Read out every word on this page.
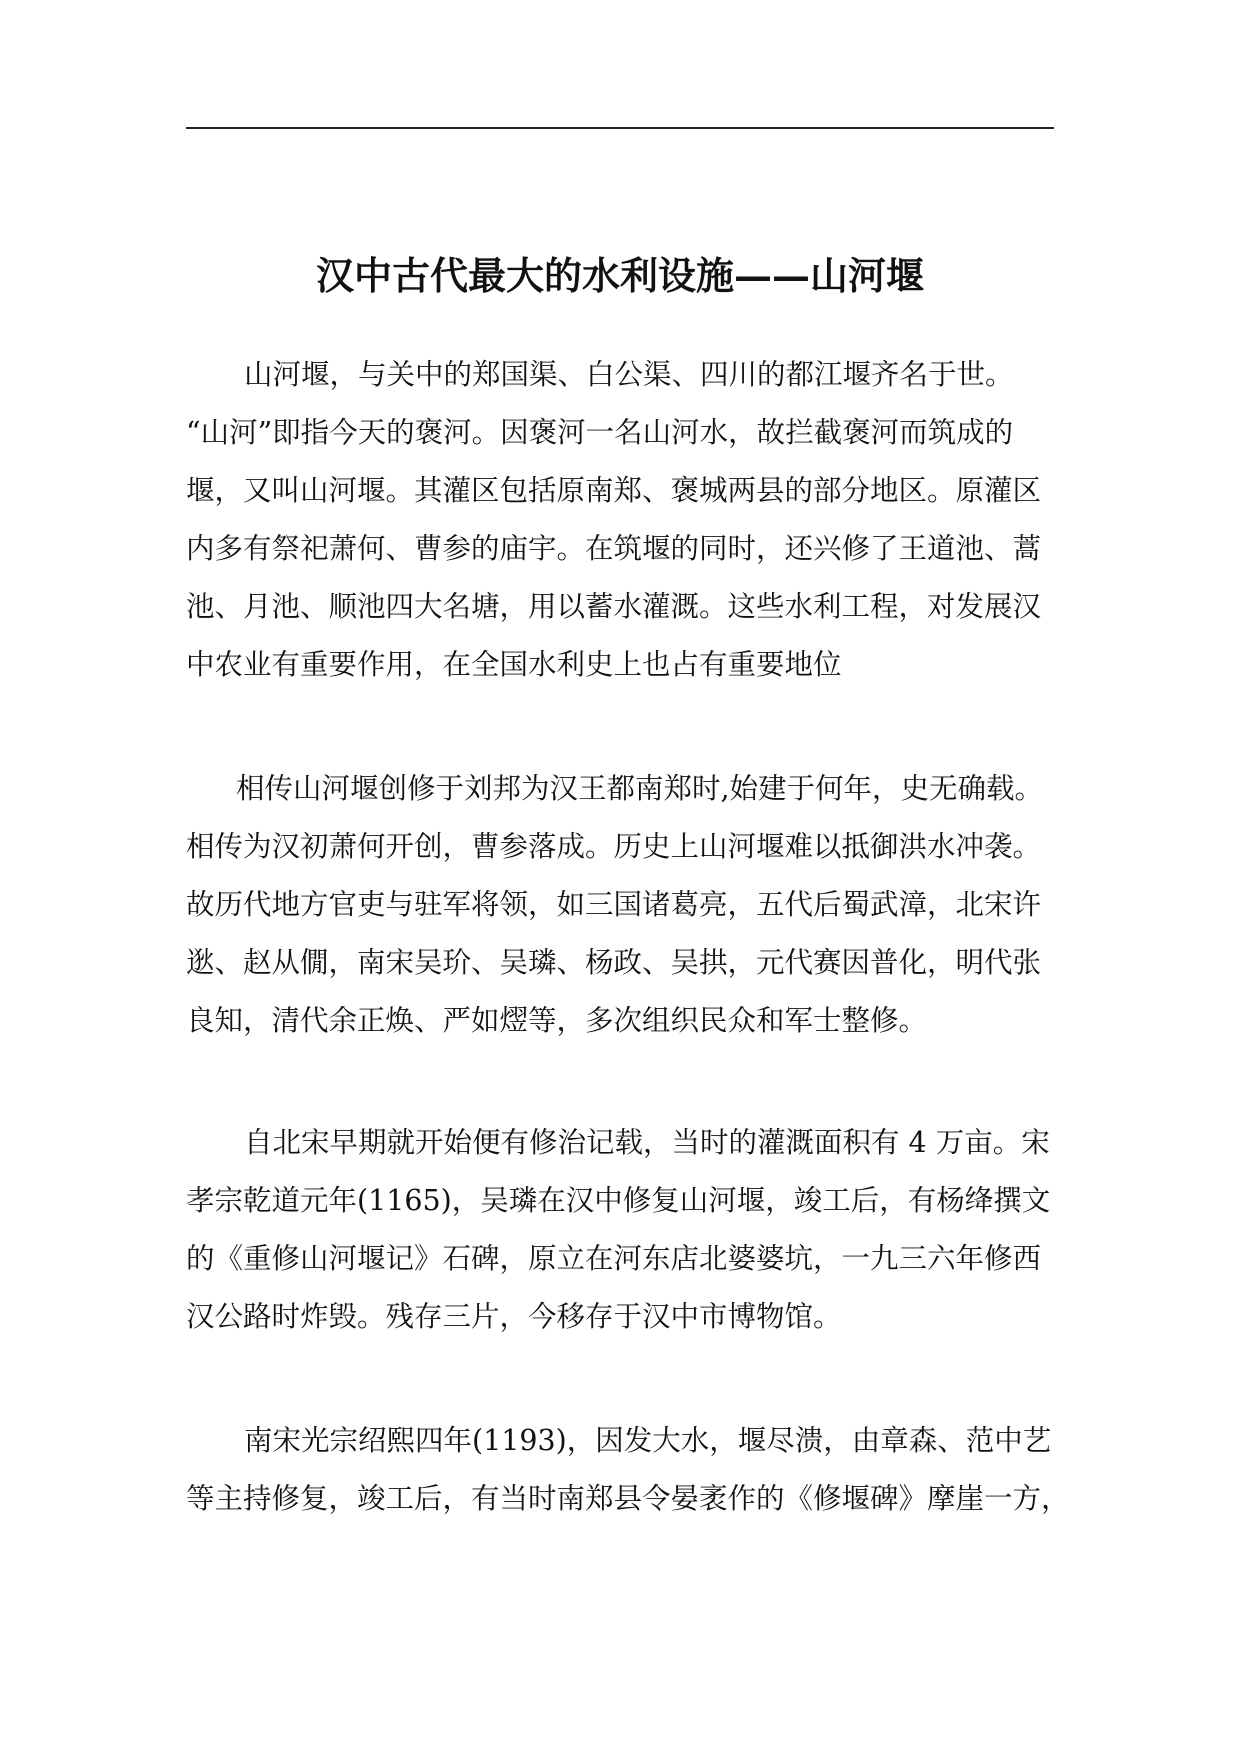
汉中古代最大的水利设施——山河堰
山河堰，与关中的郑国渠、白公渠、四川的都江堰齐名于世。
“山河”即指今天的褒河。因褒河一名山河水，故拦截褒河而筑成的
堰，又叫山河堰。其灌区包括原南郑、褒城两县的部分地区。原灌区
内多有祭祀萧何、曹参的庙宇。在筑堰的同时，还兴修了王道池、蒿
池、月池、顺池四大名塘，用以蓄水灌溉。这些水利工程，对发展汉
中农业有重要作用，在全国水利史上也占有重要地位
相传山河堰创修于刘邦为汉王都南郑时,始建于何年，史无确载。
相传为汉初萧何开创，曹参落成。历史上山河堰难以抵御洪水冲袭。
故历代地方官吏与驻军将领，如三国诸葛亮，五代后蜀武漳，北宋许
逖、赵从僩，南宋吴玠、吴璘、杨政、吴拱，元代赛因普化，明代张
良知，清代余正焕、严如熤等，多次组织民众和军士整修。
自北宋早期就开始便有修治记载，当时的灌溉面积有 4 万亩。宋
孝宗乾道元年(1165)，吴璘在汉中修复山河堰，竣工后，有杨绛撰文
的《重修山河堰记》石碑，原立在河东店北婆婆坑，一九三六年修西
汉公路时炸毁。残存三片，今移存于汉中市博物馆。
南宋光宗绍熙四年(1193)，因发大水，堰尽溃，由章森、范中艺
等主持修复，竣工后，有当时南郑县令晏袤作的《修堰碑》摩崖一方，
